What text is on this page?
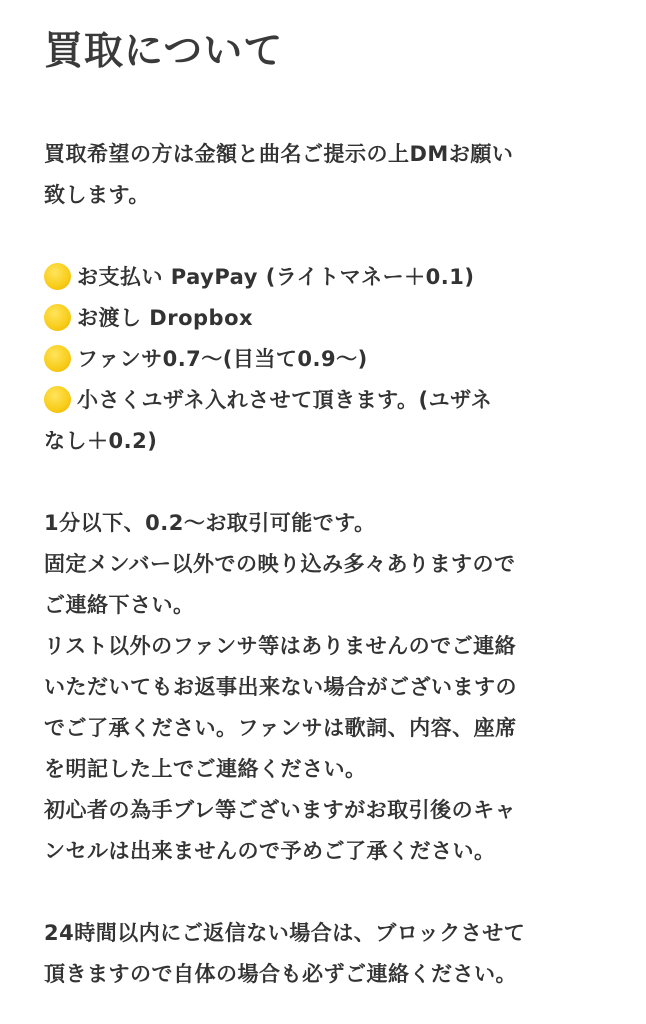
買取について

買取希望の方は金額と曲名ご提示の上DMお願い
致します。

お支払い PayPay (ライトマネー＋0.1)
お渡し Dropbox
ファンサ0.7〜(目当て0.9〜)
小さくユザネ入れさせて頂きます。(ユザネ
なし＋0.2)

1分以下、0.2〜お取引可能です。
固定メンバー以外での映り込み多々ありますので
ご連絡下さい。
リスト以外のファンサ等はありませんのでご連絡
いただいてもお返事出来ない場合がございますの
でご了承ください。ファンサは歌詞、内容、座席
を明記した上でご連絡ください。
初心者の為手ブレ等ございますがお取引後のキャ
ンセルは出来ませんので予めご了承ください。

24時間以内にご返信ない場合は、ブロックさせて
頂きますので自体の場合も必ずご連絡ください。
